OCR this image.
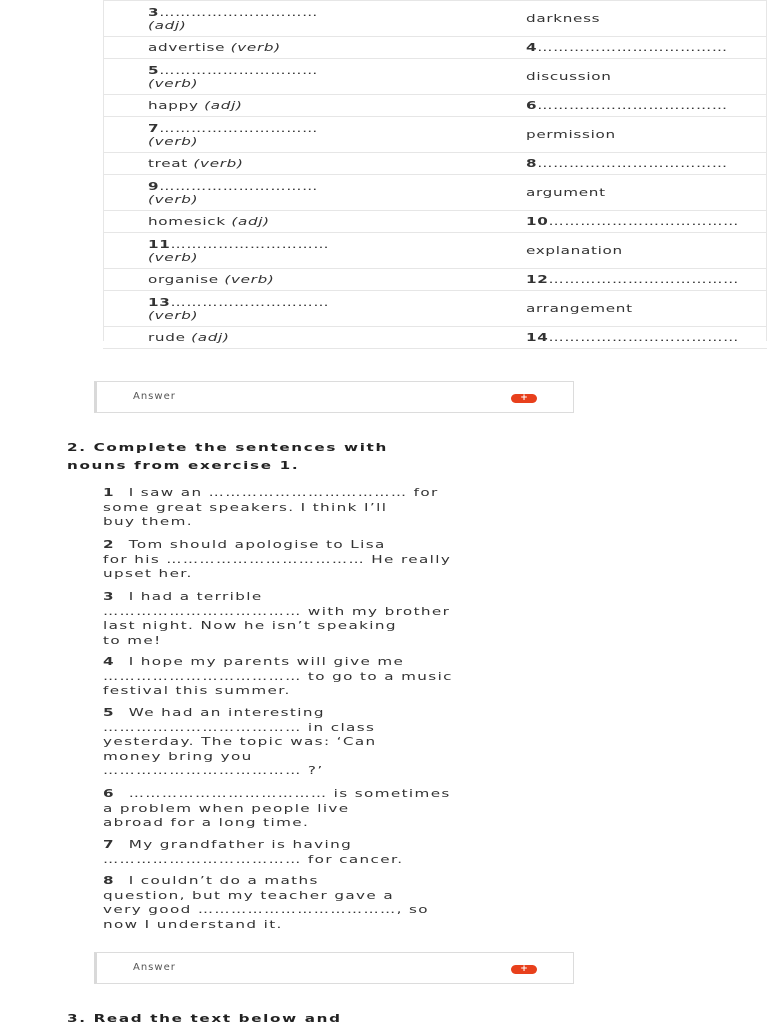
3…………………………
(adj)	darkness

advertise (verb)	4………………………………

5…………………………
(verb)	discussion

happy (adj)	6………………………………

7…………………………
(verb)	permission

treat (verb)	8………………………………

9…………………………
(verb)	argument

homesick (adj)	10………………………………

11…………………………
(verb)	explanation

organise (verb)	12………………………………

13…………………………
(verb)	arrangement

rude (adj)	14………………………………
Answer	+
2. Complete the sentences with
nouns from exercise 1.
1 I saw an ……………………………… for
some great speakers. I think I’ll
buy them.

2 Tom should apologise to Lisa
for his ……………………………… He really
upset her.

3 I had a terrible
……………………………… with my brother
last night. Now he isn’t speaking
to me!

4 I hope my parents will give me
……………………………… to go to a music
festival this summer.

5 We had an interesting
……………………………… in class
yesterday. The topic was: ‘Can
money bring you
……………………………… ?’

6 ……………………………… is sometimes
a problem when people live
abroad for a long time.

7 My grandfather is having
……………………………… for cancer.

8 I couldn’t do a maths
question, but my teacher gave a
very good ………………………………, so
now I understand it.

Answer	+
3. Read the text below and
